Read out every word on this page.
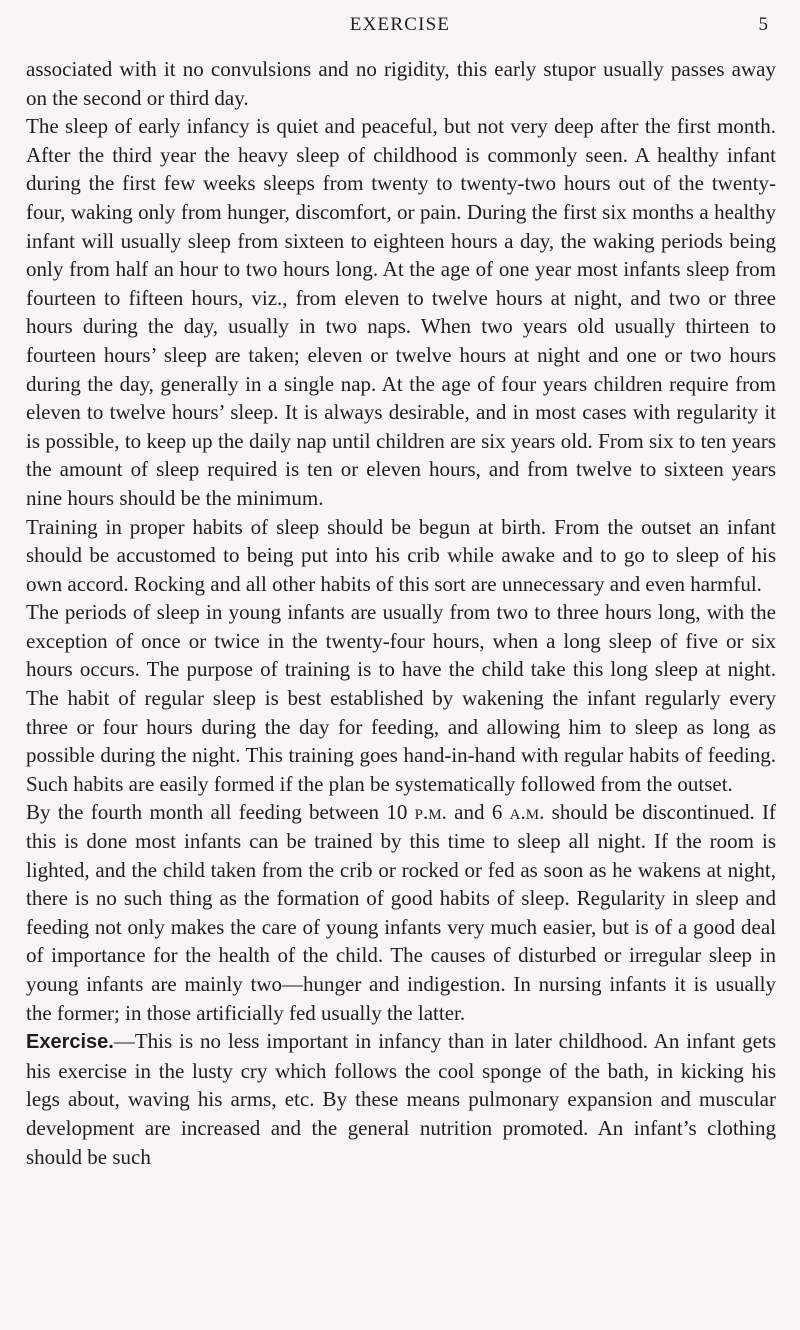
EXERCISE	5

associated with it no convulsions and no rigidity, this early stupor usually passes away on the second or third day.

The sleep of early infancy is quiet and peaceful, but not very deep after the first month. After the third year the heavy sleep of childhood is commonly seen. A healthy infant during the first few weeks sleeps from twenty to twenty-two hours out of the twenty-four, waking only from hunger, discomfort, or pain. During the first six months a healthy infant will usually sleep from sixteen to eighteen hours a day, the waking periods being only from half an hour to two hours long. At the age of one year most infants sleep from fourteen to fifteen hours, viz., from eleven to twelve hours at night, and two or three hours during the day, usually in two naps. When two years old usually thirteen to fourteen hours’ sleep are taken; eleven or twelve hours at night and one or two hours during the day, generally in a single nap. At the age of four years children require from eleven to twelve hours’ sleep. It is always desirable, and in most cases with regularity it is possible, to keep up the daily nap until children are six years old. From six to ten years the amount of sleep required is ten or eleven hours, and from twelve to sixteen years nine hours should be the minimum.

Training in proper habits of sleep should be begun at birth. From the outset an infant should be accustomed to being put into his crib while awake and to go to sleep of his own accord. Rocking and all other habits of this sort are unnecessary and even harmful.

The periods of sleep in young infants are usually from two to three hours long, with the exception of once or twice in the twenty-four hours, when a long sleep of five or six hours occurs. The purpose of training is to have the child take this long sleep at night. The habit of regular sleep is best established by wakening the infant regularly every three or four hours during the day for feeding, and allowing him to sleep as long as possible during the night. This training goes hand-in-hand with regular habits of feeding. Such habits are easily formed if the plan be systematically followed from the outset.

By the fourth month all feeding between 10 p.m. and 6 a.m. should be discontinued. If this is done most infants can be trained by this time to sleep all night. If the room is lighted, and the child taken from the crib or rocked or fed as soon as he wakens at night, there is no such thing as the formation of good habits of sleep. Regularity in sleep and feeding not only makes the care of young infants very much easier, but is of a good deal of importance for the health of the child. The causes of disturbed or irregular sleep in young infants are mainly two—hunger and indigestion. In nursing infants it is usually the former; in those artificially fed usually the latter.

Exercise.—This is no less important in infancy than in later childhood. An infant gets his exercise in the lusty cry which follows the cool sponge of the bath, in kicking his legs about, waving his arms, etc. By these means pulmonary expansion and muscular development are increased and the general nutrition promoted. An infant’s clothing should be such
